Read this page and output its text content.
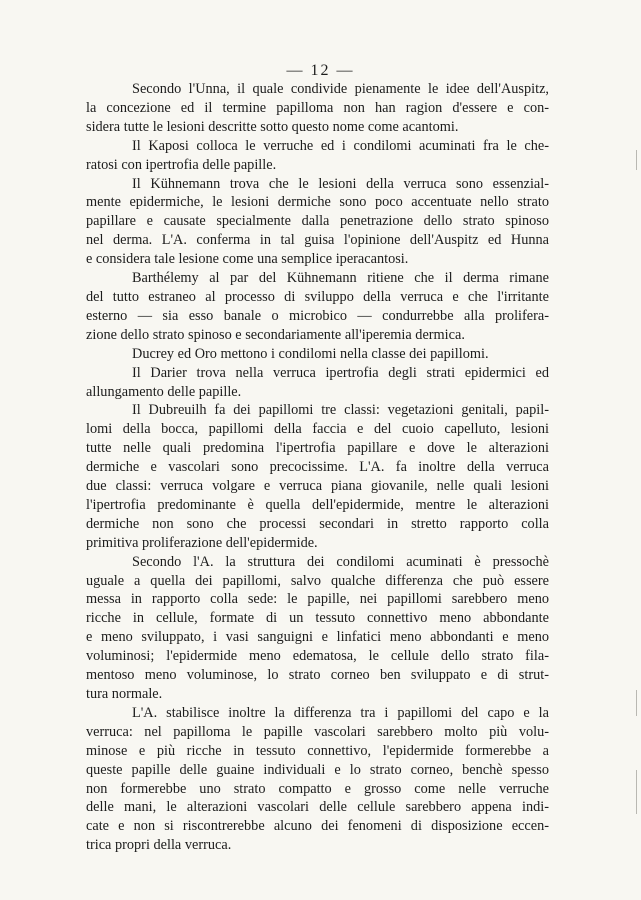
— 12 —
Secondo l'Unna, il quale condivide pienamente le idee dell'Auspitz,
la concezione ed il termine papilloma non han ragion d'essere e con-
sidera tutte le lesioni descritte sotto questo nome come acantomi.
Il Kaposi colloca le verruche ed i condilomi acuminati fra le che-
ratosi con ipertrofia delle papille.
Il Kühnemann trova che le lesioni della verruca sono essenzial-
mente epidermiche, le lesioni dermiche sono poco accentuate nello strato
papillare e causate specialmente dalla penetrazione dello strato spinoso
nel derma. L'A. conferma in tal guisa l'opinione dell'Auspitz ed Hunna
e considera tale lesione come una semplice iperacantosi.
Barthélemy al par del Kühnemann ritiene che il derma rimane
del tutto estraneo al processo di sviluppo della verruca e che l'irritante
esterno — sia esso banale o microbico — condurrebbe alla prolifera-
zione dello strato spinoso e secondariamente all'iperemia dermica.
Ducrey ed Oro mettono i condilomi nella classe dei papillomi.
Il Darier trova nella verruca ipertrofia degli strati epidermici ed
allungamento delle papille.
Il Dubreuilh fa dei papillomi tre classi: vegetazioni genitali, papil-
lomi della bocca, papillomi della faccia e del cuoio capelluto, lesioni
tutte nelle quali predomina l'ipertrofia papillare e dove le alterazioni
dermiche e vascolari sono precocissime. L'A. fa inoltre della verruca
due classi: verruca volgare e verruca piana giovanile, nelle quali lesioni
l'ipertrofia predominante è quella dell'epidermide, mentre le alterazioni
dermiche non sono che processi secondari in stretto rapporto colla
primitiva proliferazione dell'epidermide.
Secondo l'A. la struttura dei condilomi acuminati è pressochè
uguale a quella dei papillomi, salvo qualche differenza che può essere
messa in rapporto colla sede: le papille, nei papillomi sarebbero meno
ricche in cellule, formate di un tessuto connettivo meno abbondante
e meno sviluppato, i vasi sanguigni e linfatici meno abbondanti e meno
voluminosi; l'epidermide meno edematosa, le cellule dello strato fila-
mentoso meno voluminose, lo strato corneo ben sviluppato e di strut-
tura normale.
L'A. stabilisce inoltre la differenza tra i papillomi del capo e la
verruca: nel papilloma le papille vascolari sarebbero molto più volu-
minose e più ricche in tessuto connettivo, l'epidermide formerebbe a
queste papille delle guaine individuali e lo strato corneo, benchè spesso
non formerebbe uno strato compatto e grosso come nelle verruche
delle mani, le alterazioni vascolari delle cellule sarebbero appena indi-
cate e non si riscontrerebbe alcuno dei fenomeni di disposizione eccen-
trica propri della verruca.
